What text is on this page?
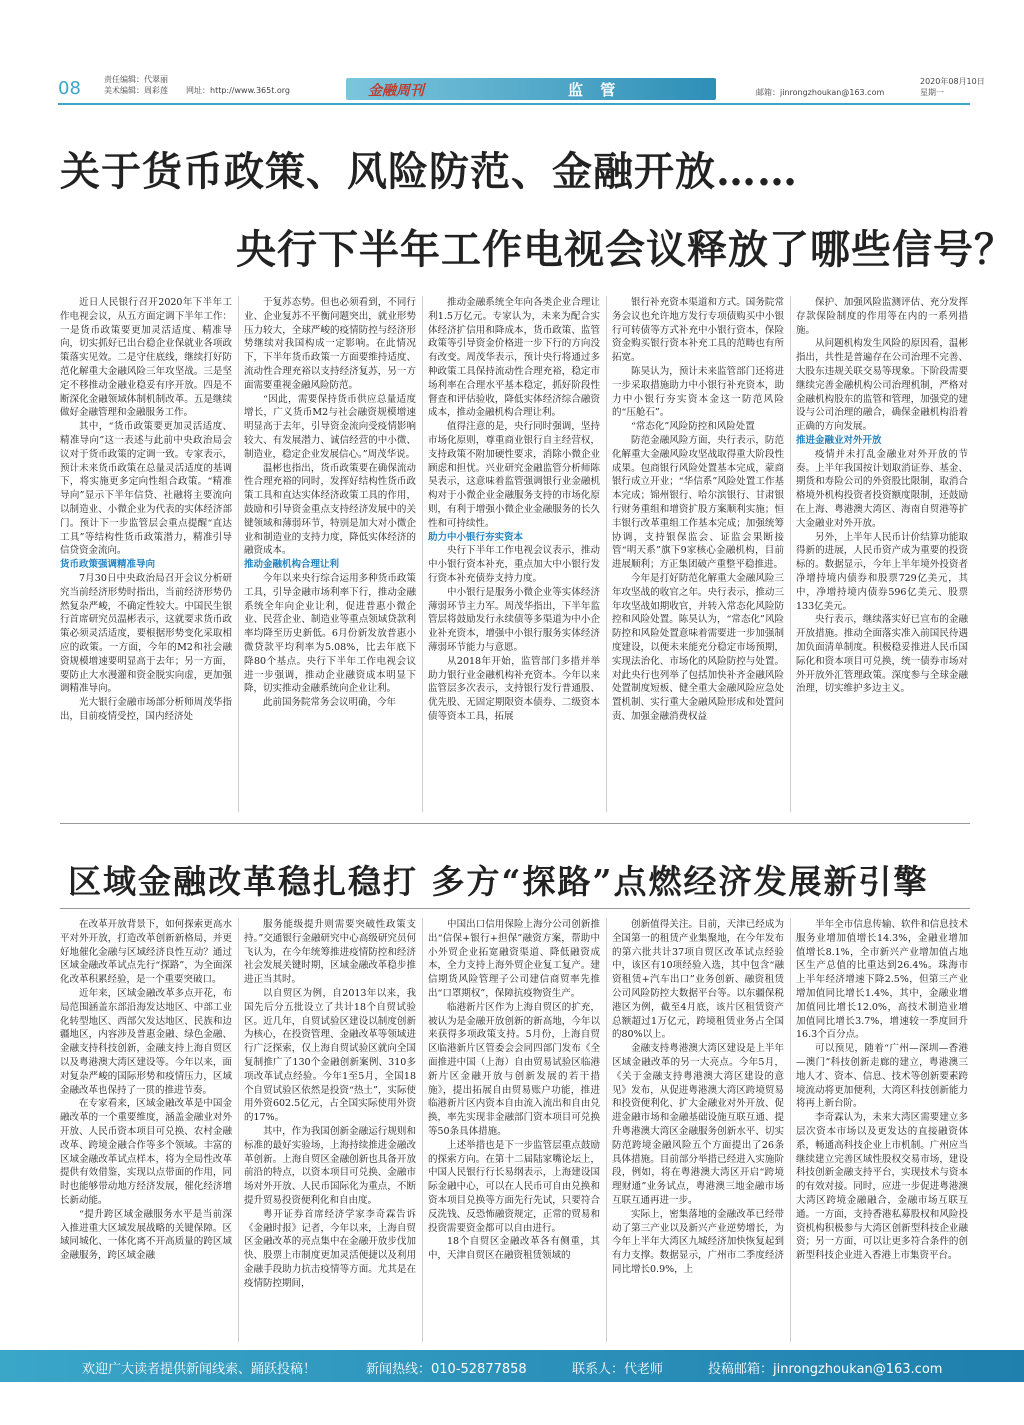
08	责任编辑：代翠丽
美术编辑：周彩莲 网址：http://www.365t.org	金融周刊	监 管	邮箱：jinrongzhoukan@163.com
2020年08月10日
星期一
关于货币政策、风险防范、金融开放……
央行下半年工作电视会议释放了哪些信号？

近日人民银行召开2020年下半年工作电视会议，从五方面定调下半年工作：一是货币政策要更加灵活适度、精准导向，切实抓好已出台稳企业保就业各项政策落实见效。二是守住底线，继续打好防范化解重大金融风险三年攻坚战。三是坚定不移推动金融业稳妥有序开放。四是不断深化金融领域体制机制改革。五是继续做好金融管理和金融服务工作。

其中，“货币政策要更加灵活适度、精准导向”这一表述与此前中央政治局会议对于货币政策的定调一致。专家表示，预计未来货币政策在总量灵活适度的基调下，将实施更多定向性组合政策。“精准导向”显示下半年信贷、社融将主要流向以制造业、小微企业为代表的实体经济部门。预计下一步监管层会重点提醒“直达工具”等结构性货币政策潜力，精准引导信贷资金流向。

货币政策强调精准导向

7月30日中央政治局召开会议分析研究当前经济形势时指出，当前经济形势仍然复杂严峻，不确定性较大。中国民生银行首席研究员温彬表示，这就要求货币政策必须灵活适度，要根据形势变化采取相应的政策。一方面，今年的M2和社会融资规模增速要明显高于去年；另一方面，要防止大水漫灌和资金脱实向虚，更加强调精准导向。

光大银行金融市场部分析师周茂华指出，目前疫情受控，国内经济处

于复苏态势。但也必须看到，不同行业、企业复苏不平衡问题突出，就业形势压力较大，全球严峻的疫情防控与经济形势继续对我国构成一定影响。在此情况下，下半年货币政策一方面要维持适度、流动性合理充裕以支持经济复苏，另一方面需要重视金融风险防范。

“因此，需要保持货币供应总量适度增长，广义货币M2与社会融资规模增速明显高于去年，引导资金流向受疫情影响较大、有发展潜力、诚信经营的中小微、制造业，稳定企业发展信心。”周茂华说。

温彬也指出，货币政策要在确保流动性合理充裕的同时，发挥好结构性货币政策工具和直达实体经济政策工具的作用，鼓励和引导资金重点支持经济发展中的关键领域和薄弱环节，特别是加大对小微企业和制造业的支持力度，降低实体经济的融资成本。

推动金融机构合理让利

今年以来央行综合运用多种货币政策工具，引导金融市场利率下行，推动金融系统全年向企业让利，促进普惠小微企业、民营企业、制造业等重点领域贷款利率均降至历史新低。6月份新发放普惠小微贷款平均利率为5.08%，比去年底下降80个基点。央行下半年工作电视会议进一步强调，推动企业融资成本明显下降，切实推动金融系统向企业让利。

此前国务院常务会议明确，今年

推动金融系统全年向各类企业合理让利1.5万亿元。专家认为，未来为配合实体经济扩信用和降成本，货币政策、监管政策等引导资金价格进一步下行的方向没有改变。周茂华表示，预计央行将通过多种政策工具保持流动性合理充裕，稳定市场利率在合理水平基本稳定，抓好阶段性督查和评估验收，降低实体经济综合融资成本，推动金融机构合理让利。

值得注意的是，央行同时强调，坚持市场化原则，尊重商业银行自主经营权，支持政策不附加硬性要求，消除小微企业顾虑和担忧。兴业研究金融监管分析师陈昊表示，这意味着监管强调银行业金融机构对于小微企业金融服务支持的市场化原则，有利于增强小微企业金融服务的长久性和可持续性。

助力中小银行夯实资本

央行下半年工作电视会议表示，推动中小银行资本补充，重点加大中小银行发行资本补充债券支持力度。

中小银行是服务小微企业等实体经济薄弱环节主力军。周茂华指出，下半年监管层将鼓励发行永续债等多渠道为中小企业补充资本，增强中小银行服务实体经济薄弱环节能力与意愿。

从2018年开始，监管部门多措并举助力银行业金融机构补充资本。今年以来监管层多次表示，支持银行发行普通股、优先股、无固定期限资本债券、二级资本债等资本工具，拓展

银行补充资本渠道和方式。国务院常务会议也允许地方发行专项债购买中小银行可转债等方式补充中小银行资本，保险资金购买银行资本补充工具的范畴也有所拓宽。

陈昊认为，预计未来监管部门还将进一步采取措施助力中小银行补充资本，助力中小银行夯实资本金这一防范风险的“压舱石”。

“常态化”风险防控和风险处置

防范金融风险方面，央行表示，防范化解重大金融风险攻坚战取得重大阶段性成果。包商银行风险处置基本完成，蒙商银行成立开业；“华信系”风险处置工作基本完成；锦州银行、哈尔滨银行、甘肃银行财务重组和增资扩股方案顺利实施；恒丰银行改革重组工作基本完成；加强统筹协调，支持银保监会、证监会果断接管“明天系”旗下9家核心金融机构，目前进展顺利；方正集团破产重整平稳推进。

今年是打好防范化解重大金融风险三年攻坚战的收官之年。央行表示，推动三年攻坚战如期收官，并转入常态化风险防控和风险处置。陈昊认为，“常态化”风险防控和风险处置意味着需要进一步加强制度建设，以便未来能充分稳定市场预期，实现法治化、市场化的风险防控与处置。对此央行也列举了包括加快补齐金融风险处置制度短板、健全重大金融风险应急处置机制、实行重大金融风险形成和处置问责、加强金融消费权益

保护、加强风险监测评估、充分发挥存款保险制度的作用等在内的一系列措施。

从问题机构发生风险的原因看，温彬指出，共性是普遍存在公司治理不完善、大股东违规关联交易等现象。下阶段需要继续完善金融机构公司治理机制，严格对金融机构股东的监管和管理，加强党的建设与公司治理的融合，确保金融机构沿着正确的方向发展。

推进金融业对外开放

疫情并未打乱金融业对外开放的节奏。上半年我国按计划取消证券、基金、期货和寿险公司的外资股比限制，取消合格境外机构投资者投资额度限制，还鼓励在上海、粤港澳大湾区、海南自贸港等扩大金融业对外开放。

另外，上半年人民币计价结算功能取得新的进展，人民币资产成为重要的投资标的。数据显示，今年上半年境外投资者净增持境内债券和股票729亿美元，其中，净增持境内债券596亿美元、股票133亿美元。

央行表示，继续落实好已宣布的金融开放措施。推动全面落实准入前国民待遇加负面清单制度。积极稳妥推进人民币国际化和资本项目可兑换，统一债券市场对外开放外汇管理政策。深度参与全球金融治理，切实维护多边主义。

区域金融改革稳扎稳打 多方“探路”点燃经济发展新引擎

在改革开放背景下，如何探索更高水平对外开放，打造改革创新新格局，并更好地催化金融与区域经济良性互动？通过区域金融改革试点先行“探路”，为全面深化改革积累经验，是一个重要突破口。

近年来，区域金融改革多点开花，布局范围涵盖东部沿海发达地区、中部工业化转型地区、西部欠发达地区、民族和边疆地区，内容涉及普惠金融、绿色金融、金融支持科技创新，金融支持上海自贸区以及粤港澳大湾区建设等。今年以来，面对复杂严峻的国际形势和疫情压力，区域金融改革也保持了一贯的推进节奏。

在专家看来，区域金融改革是中国金融改革的一个重要维度，涵盖金融业对外开放、人民币资本项目可兑换、农村金融改革、跨境金融合作等多个领域。丰富的区域金融改革试点样本，将为全局性改革提供有效借鉴，实现以点带面的作用，同时也能够带动地方经济发展，催化经济增长新动能。

“提升跨区域金融服务水平是当前深入推进重大区域发展战略的关键保障。区域同城化、一体化离不开高质量的跨区域金融服务，跨区域金融

服务能级提升则需要突破性政策支持。”交通银行金融研究中心高级研究员何飞认为，在今年统筹推进疫情防控和经济社会发展关键时期，区域金融改革稳步推进正当其时。

以自贸区为例，自2013年以来，我国先后分五批设立了共计18个自贸试验区。近几年，自贸试验区建设以制度创新为核心，在投资管理、金融改革等领域进行广泛探索，仅上海自贸试验区就向全国复制推广了130个金融创新案例、310多项改革试点经验。今年1至5月，全国18个自贸试验区依然是投资“热土”，实际使用外资602.5亿元，占全国实际使用外资的17%。

其中，作为我国创新金融运行规则和标准的最好实验场，上海持续推进金融改革创新。上海自贸区金融创新也具备开放前沿的特点，以资本项目可兑换、金融市场对外开放、人民币国际化为重点，不断提升贸易投资便利化和自由度。

粤开证券首席经济学家李奇霖告诉《金融时报》记者，今年以来，上海自贸区金融改革的亮点集中在金融开放步伐加快、股票上市制度更加灵活便捷以及利用金融手段助力抗击疫情等方面。尤其是在疫情防控期间，

中国出口信用保险上海分公司创新推出“信保+银行+担保”融资方案，帮助中小外贸企业拓宽融资渠道、降低融资成本，全力支持上海外贸企业复工复产。建信期货风险管理子公司建信商贸率先推出“口罩期权”，保障抗疫物资生产。

临港新片区作为上海自贸区的扩充，被认为是金融开放创新的新高地，今年以来获得多项政策支持。5月份，上海自贸区临港新片区管委会会同四部门发布《全面推进中国（上海）自由贸易试验区临港新片区金融开放与创新发展的若干措施》，提出拓展自由贸易账户功能，推进临港新片区内资本自由流入流出和自由兑换，率先实现非金融部门资本项目可兑换等50条具体措施。

上述举措也是下一步监管层重点鼓励的探索方向。在第十二届陆家嘴论坛上，中国人民银行行长易纲表示，上海建设国际金融中心，可以在人民币可自由兑换和资本项目兑换等方面先行先试，只要符合反洗钱、反恐怖融资规定，正常的贸易和投资需要资金都可以自由进行。

18个自贸区金融改革各有侧重，其中，天津自贸区在融资租赁领域的

创新值得关注。目前，天津已经成为全国第一的租赁产业集聚地，在今年发布的第六批共计37项自贸区改革试点经验中，该区有10项经验入选，其中包含“融资租赁+汽车出口”业务创新、融资租赁公司风险防控大数据平台等。以东疆保税港区为例，截至4月底，该片区租赁资产总额超过1万亿元，跨境租赁业务占全国的80%以上。

金融支持粤港澳大湾区建设是上半年区域金融改革的另一大亮点。今年5月，《关于金融支持粤港澳大湾区建设的意见》发布，从促进粤港澳大湾区跨境贸易和投资便利化、扩大金融业对外开放、促进金融市场和金融基础设施互联互通、提升粤港澳大湾区金融服务创新水平、切实防范跨境金融风险五个方面提出了26条具体措施。目前部分举措已经进入实施阶段，例如，将在粤港澳大湾区开启“跨境理财通”业务试点，粤港澳三地金融市场互联互通再进一步。

实际上，密集落地的金融改革已经带动了第三产业以及新兴产业逆势增长，为今年上半年大湾区九城经济加快恢复起到有力支撑。数据显示，广州市二季度经济同比增长0.9%，上

半年全市信息传输、软件和信息技术服务业增加值增长14.3%，金融业增加值增长8.1%，全市新兴产业增加值占地区生产总值的比重达到26.4%。珠海市上半年经济增速下降2.5%，但第三产业增加值同比增长1.4%，其中，金融业增加值同比增长12.0%，高技术制造业增加值同比增长3.7%，增速较一季度回升16.3个百分点。

可以预见，随着“广州—深圳—香港—澳门”科技创新走廊的建立，粤港澳三地人才、资本、信息、技术等创新要素跨境流动将更加便利，大湾区科技创新能力将再上新台阶。

李奇霖认为，未来大湾区需要建立多层次资本市场以及更发达的直接融资体系，畅通高科技企业上市机制。广州应当继续建立完善区域性股权交易市场，建设科技创新金融支持平台，实现技术与资本的有效对接。同时，应进一步促进粤港澳大湾区跨境金融融合，金融市场互联互通。一方面，支持香港私募股权和风险投资机构积极参与大湾区创新型科技企业融资；另一方面，可以让更多符合条件的创新型科技企业进入香港上市集资平台。

欢迎广大读者提供新闻线索、踊跃投稿！	新闻热线：010-52877858	联系人：代老师	投稿邮箱：jinrongzhoukan@163.com
